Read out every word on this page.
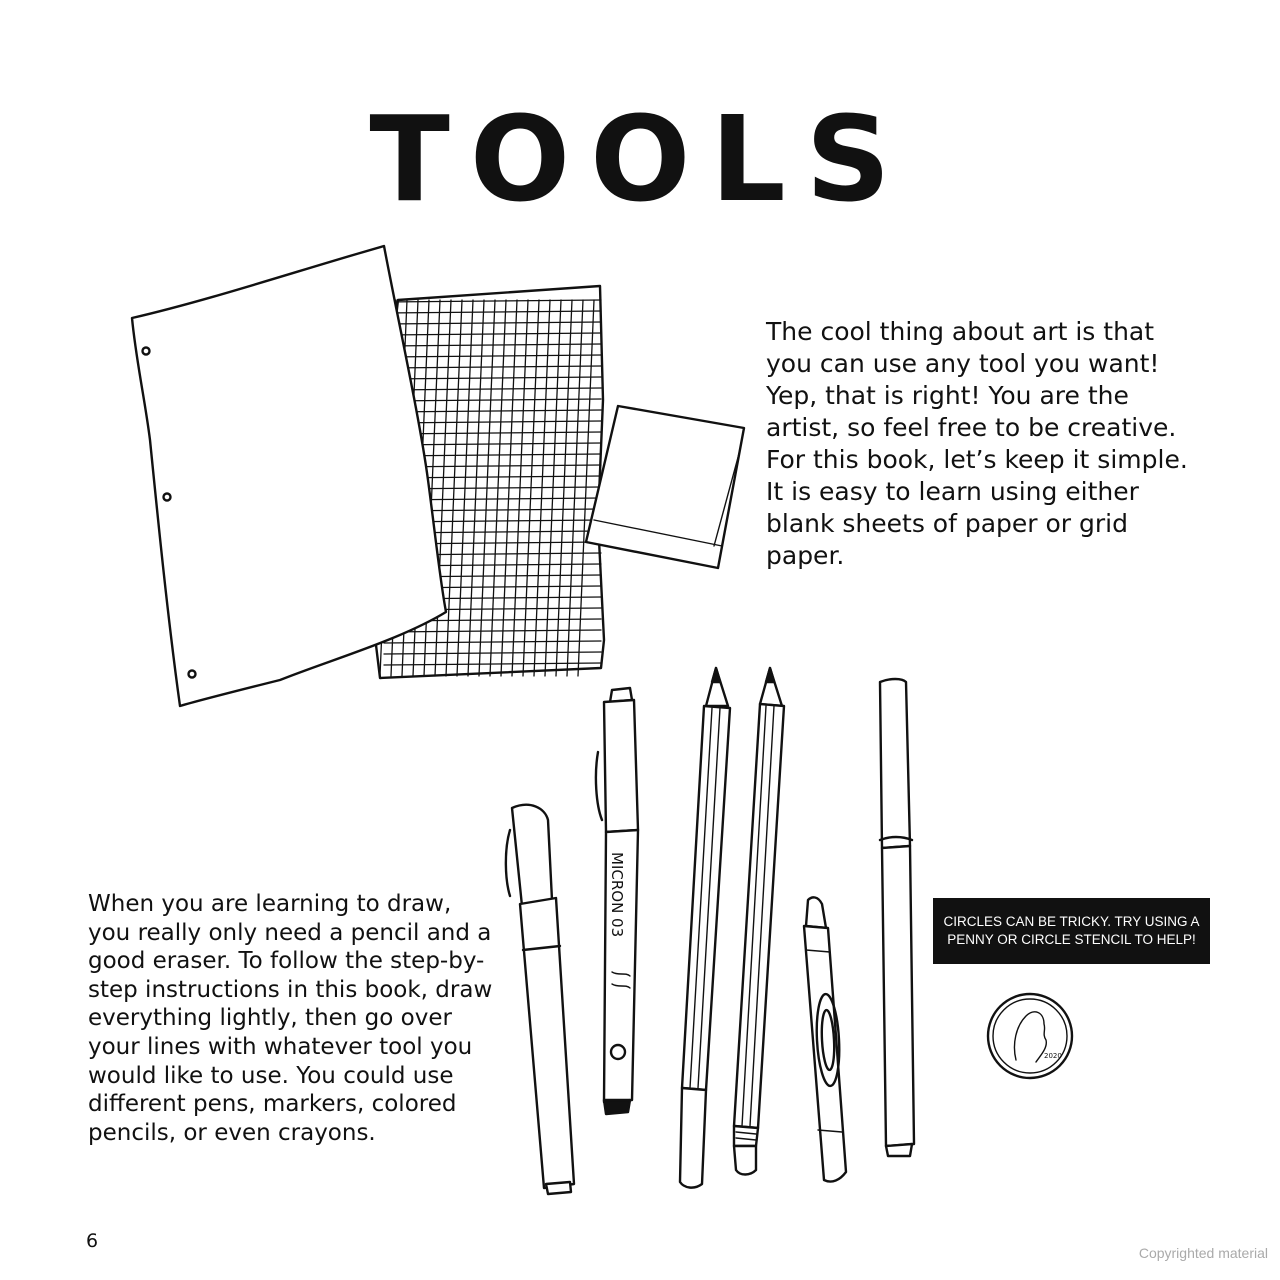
TOOLS
MICRON 03
2020
The cool thing about art is that you can use any tool you want! Yep, that is right! You are the artist, so feel free to be creative. For this book, let’s keep it simple. It is easy to learn using either blank sheets of paper or grid paper.
When you are learning to draw, you really only need a pencil and a good eraser. To follow the step-by-step instructions in this book, draw everything lightly, then go over your lines with whatever tool you would like to use. You could use different pens, markers, colored pencils, or even crayons.
CIRCLES CAN BE TRICKY. TRY USING A PENNY OR CIRCLE STENCIL TO HELP!
6
Copyrighted material
